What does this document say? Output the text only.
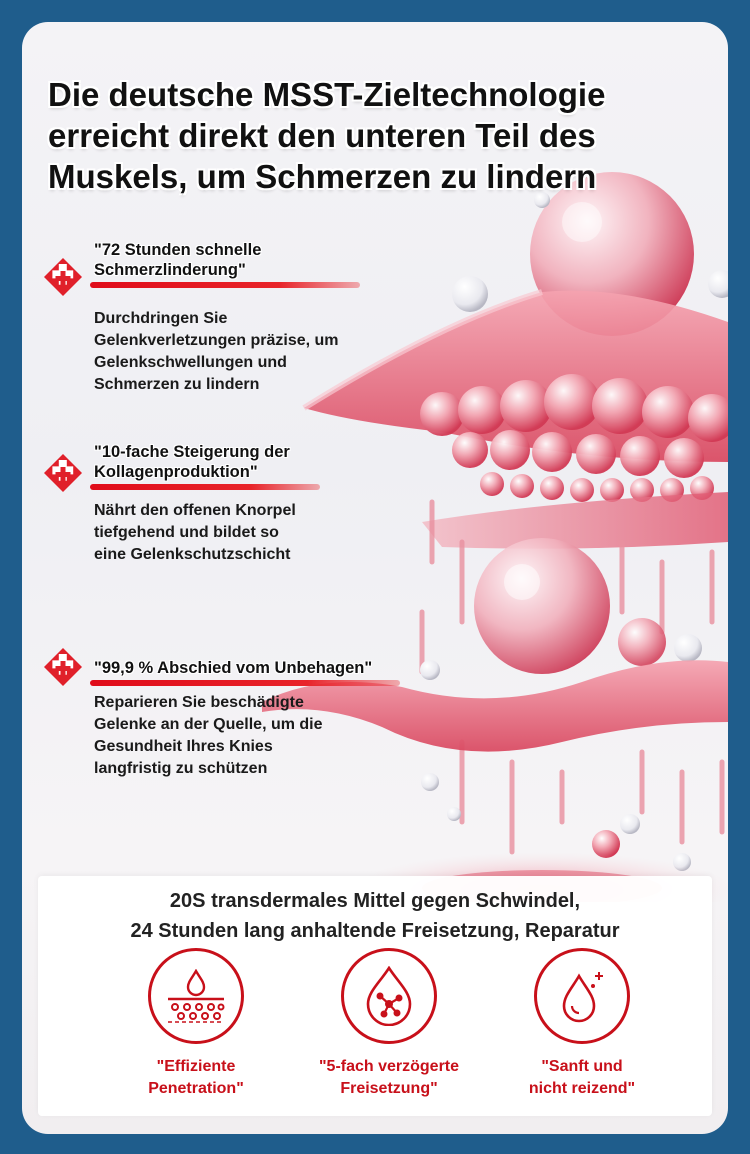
Die deutsche MSST-Zieltechnologie
erreicht direkt den unteren Teil des
Muskels, um Schmerzen zu lindern
"72 Stunden schnelle
Schmerzlinderung"
Durchdringen Sie
Gelenkverletzungen präzise, um
Gelenkschwellungen und
Schmerzen zu lindern
"10-fache Steigerung der
Kollagenproduktion"
Nährt den offenen Knorpel
tiefgehend und bildet so
eine Gelenkschutzschicht
"99,9 % Abschied vom Unbehagen"
Reparieren Sie beschädigte
Gelenke an der Quelle, um die
Gesundheit Ihres Knies
langfristig zu schützen
20S transdermales Mittel gegen Schwindel,
24 Stunden lang anhaltende Freisetzung, Reparatur
"Effiziente
Penetration"
"5-fach verzögerte
Freisetzung"
"Sanft und
nicht reizend"
